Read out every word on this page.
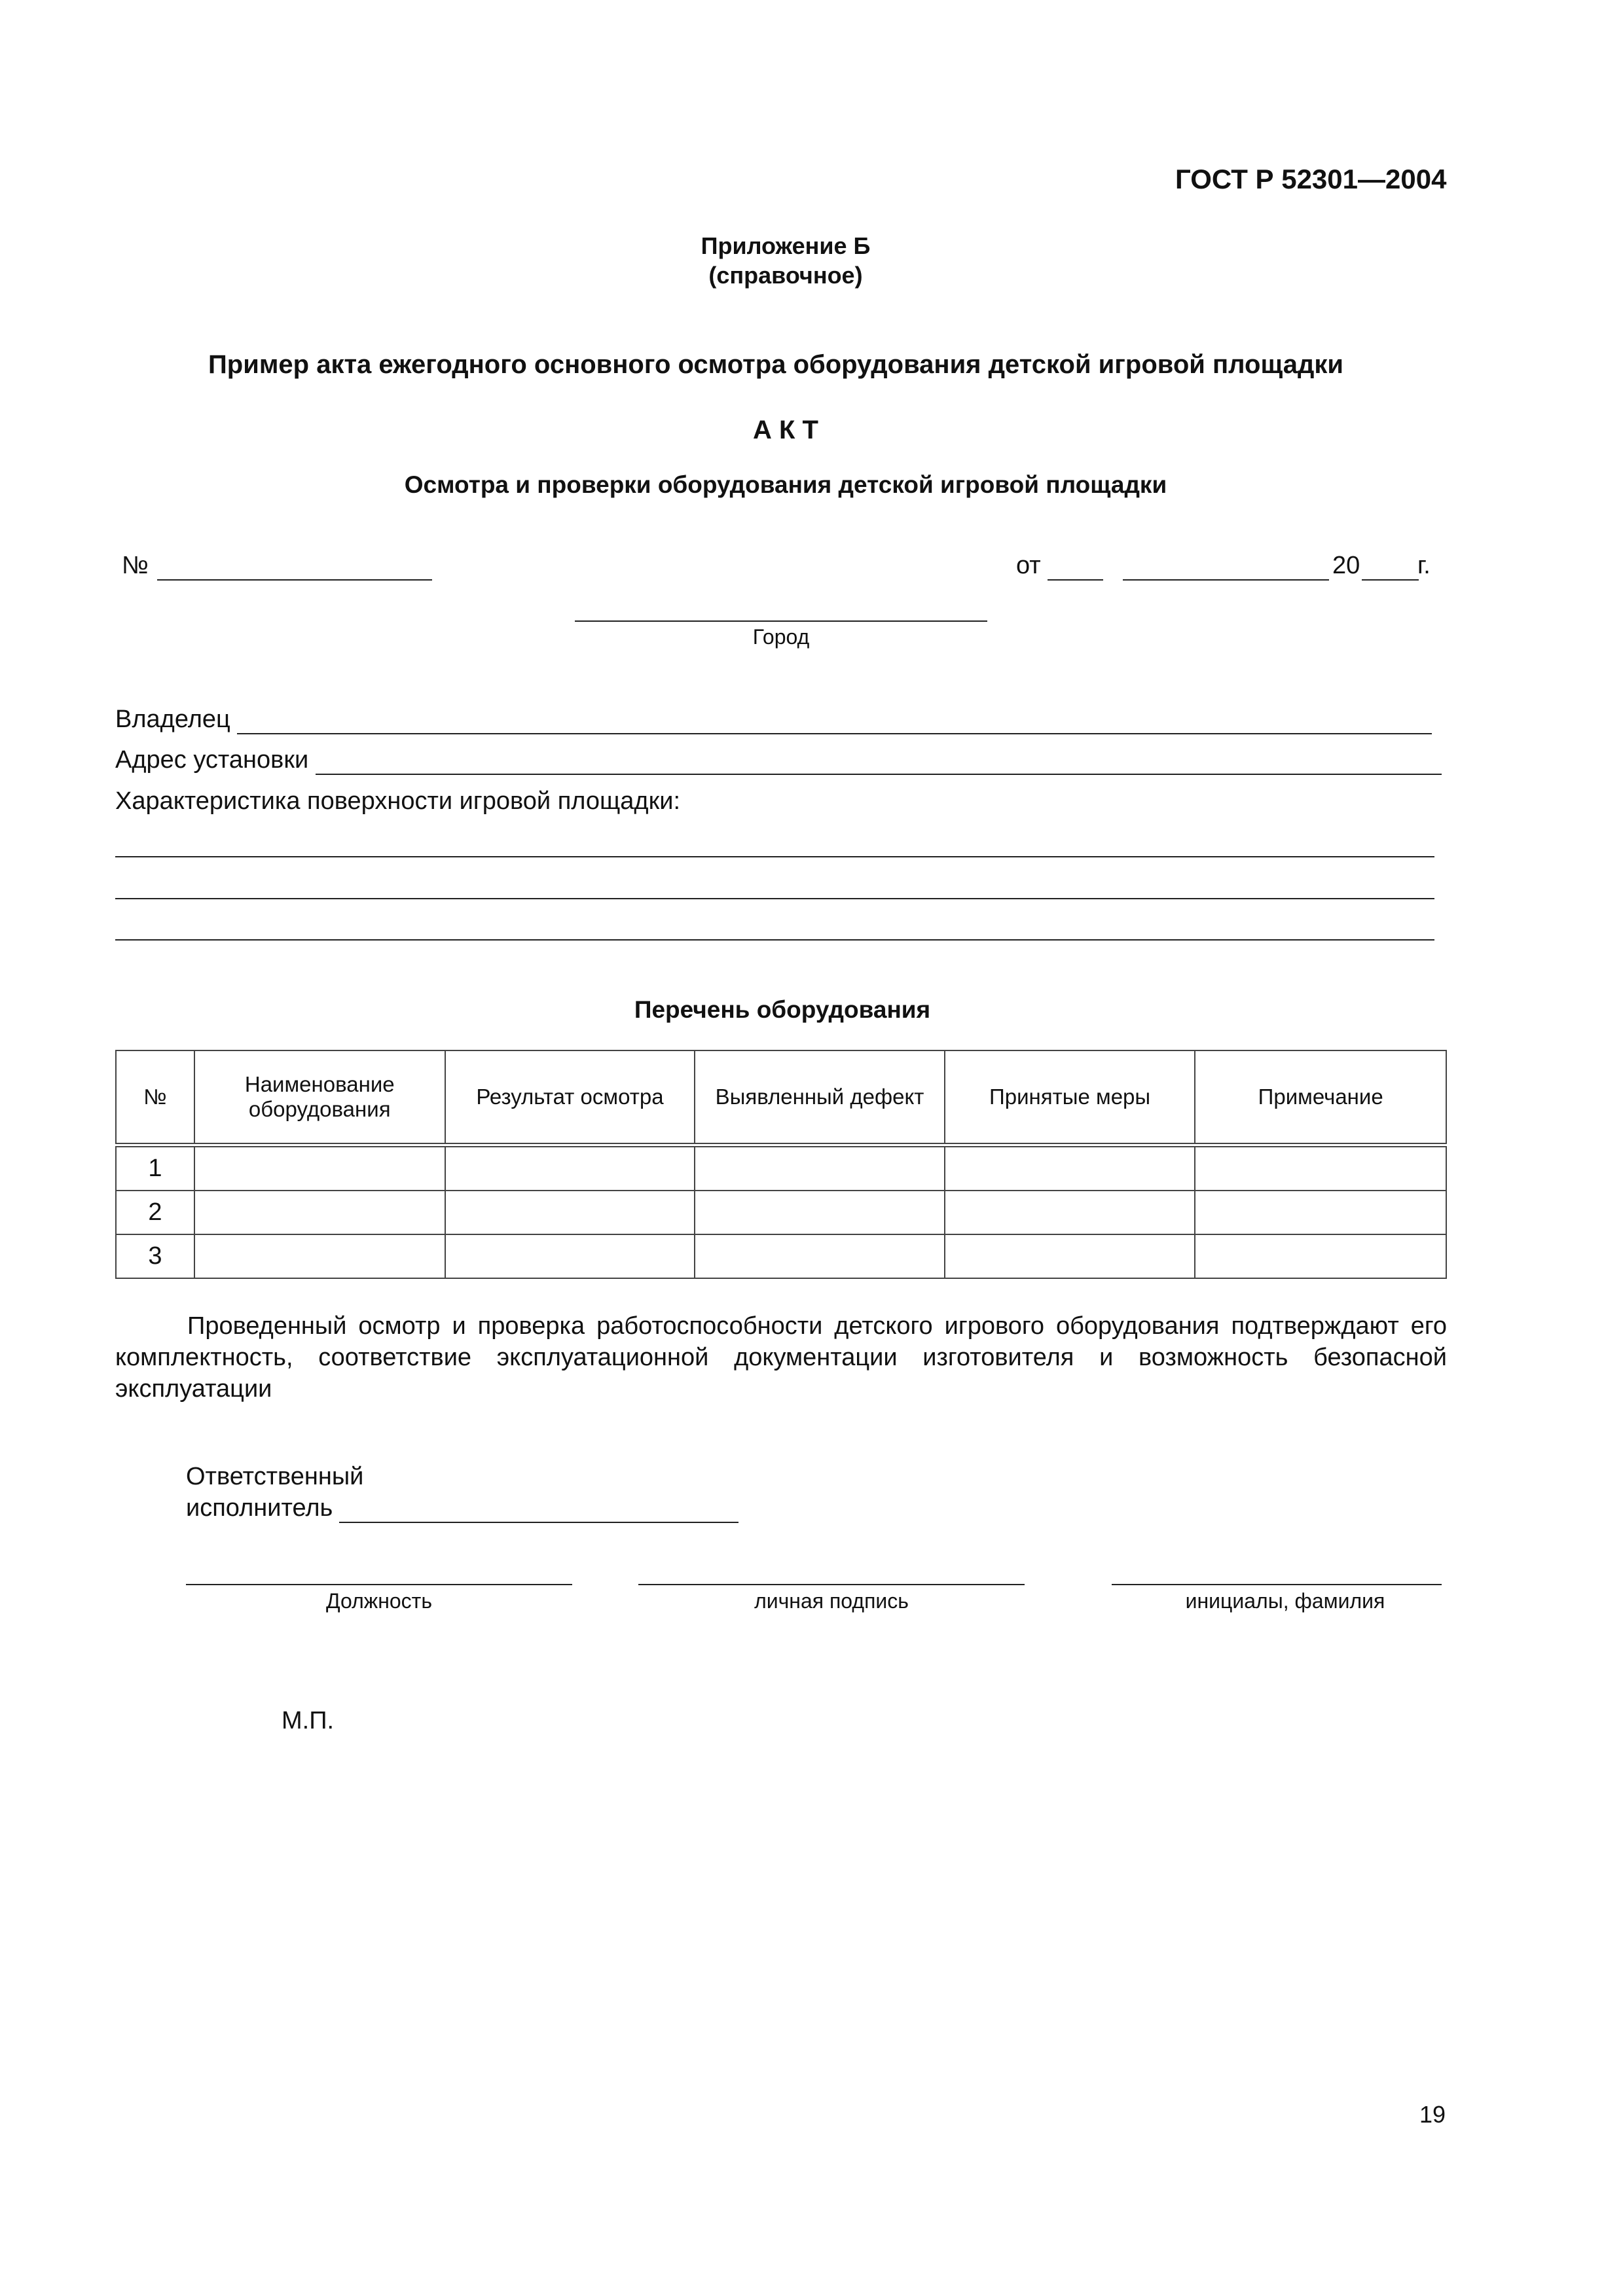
ГОСТ Р 52301—2004
Приложение Б
(справочное)
Пример акта ежегодного основного осмотра оборудования детской игровой площадки
А К Т
Осмотра и проверки оборудования детской игровой площадки
№	от	20 г.
Город
Владелец
Адрес установки
Характеристика поверхности игровой площадки:
Перечень оборудования
№	Наименование оборудования	Результат осмотра	Выявленный дефект	Принятые меры	Примечание
1					
2					
3					
Проведенный осмотр и проверка работоспособности детского игрового оборудования подтверждают его комплектность, соответствие эксплуатационной документации изготовителя и возможность безопасной эксплуатации
Ответственный
исполнитель
Должность	личная подпись	инициалы, фамилия
М.П.
19
